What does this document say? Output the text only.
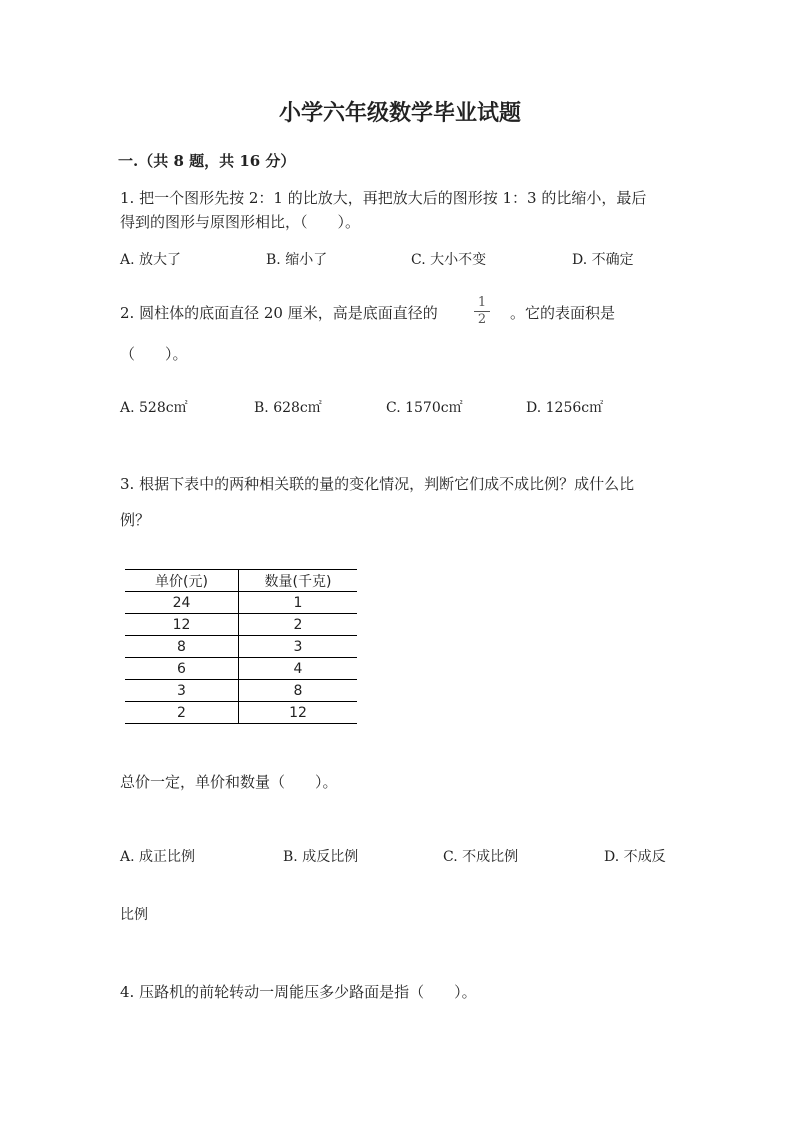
小学六年级数学毕业试题
一.（共 8 题，共 16 分）
1. 把一个图形先按 2：1 的比放大，再把放大后的图形按 1：3 的比缩小，最后
得到的图形与原图形相比，（　　）。
A. 放大了	B. 缩小了	C. 大小不变	D. 不确定
2. 圆柱体的底面直径 20 厘米，高是底面直径的
1
2 。它的表面积是
（　　）。
A. 528c㎡	B. 628c㎡	C. 1570c㎡	D. 1256c㎡
3. 根据下表中的两种相关联的量的变化情况，判断它们成不成比例？成什么比
例？
单价(元)	数量(千克)
24	1
12	2
8	3
6	4
3	8
2	12
总价一定，单价和数量（　　）。
A. 成正比例	B. 成反比例	C. 不成比例	D. 不成反
比例
4. 压路机的前轮转动一周能压多少路面是指（　　）。
